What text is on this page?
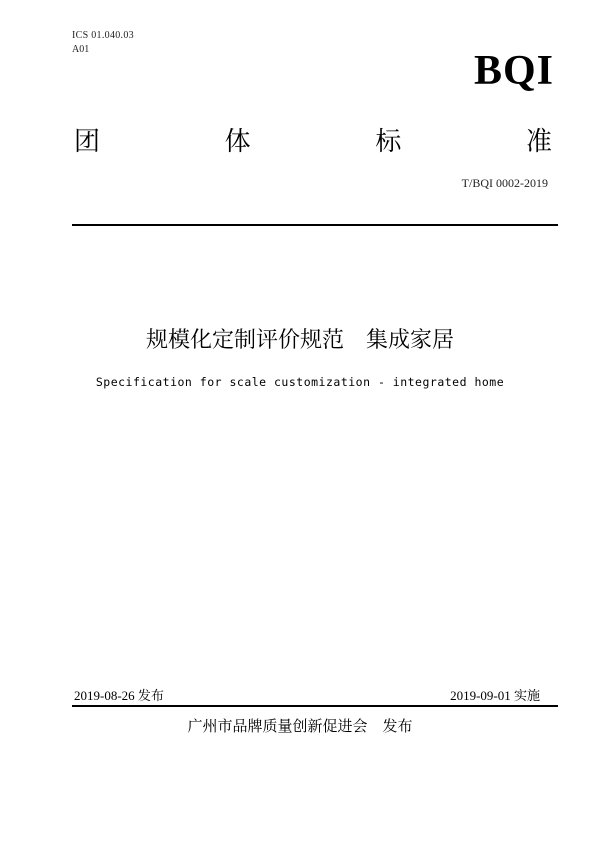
ICS 01.040.03
A01	BQI
团	体	标	准
T/BQI 0002-2019
规模化定制评价规范　集成家居
Specification for scale customization - integrated home
2019-08-26 发布	2019-09-01 实施
广州市品牌质量创新促进会　发布
